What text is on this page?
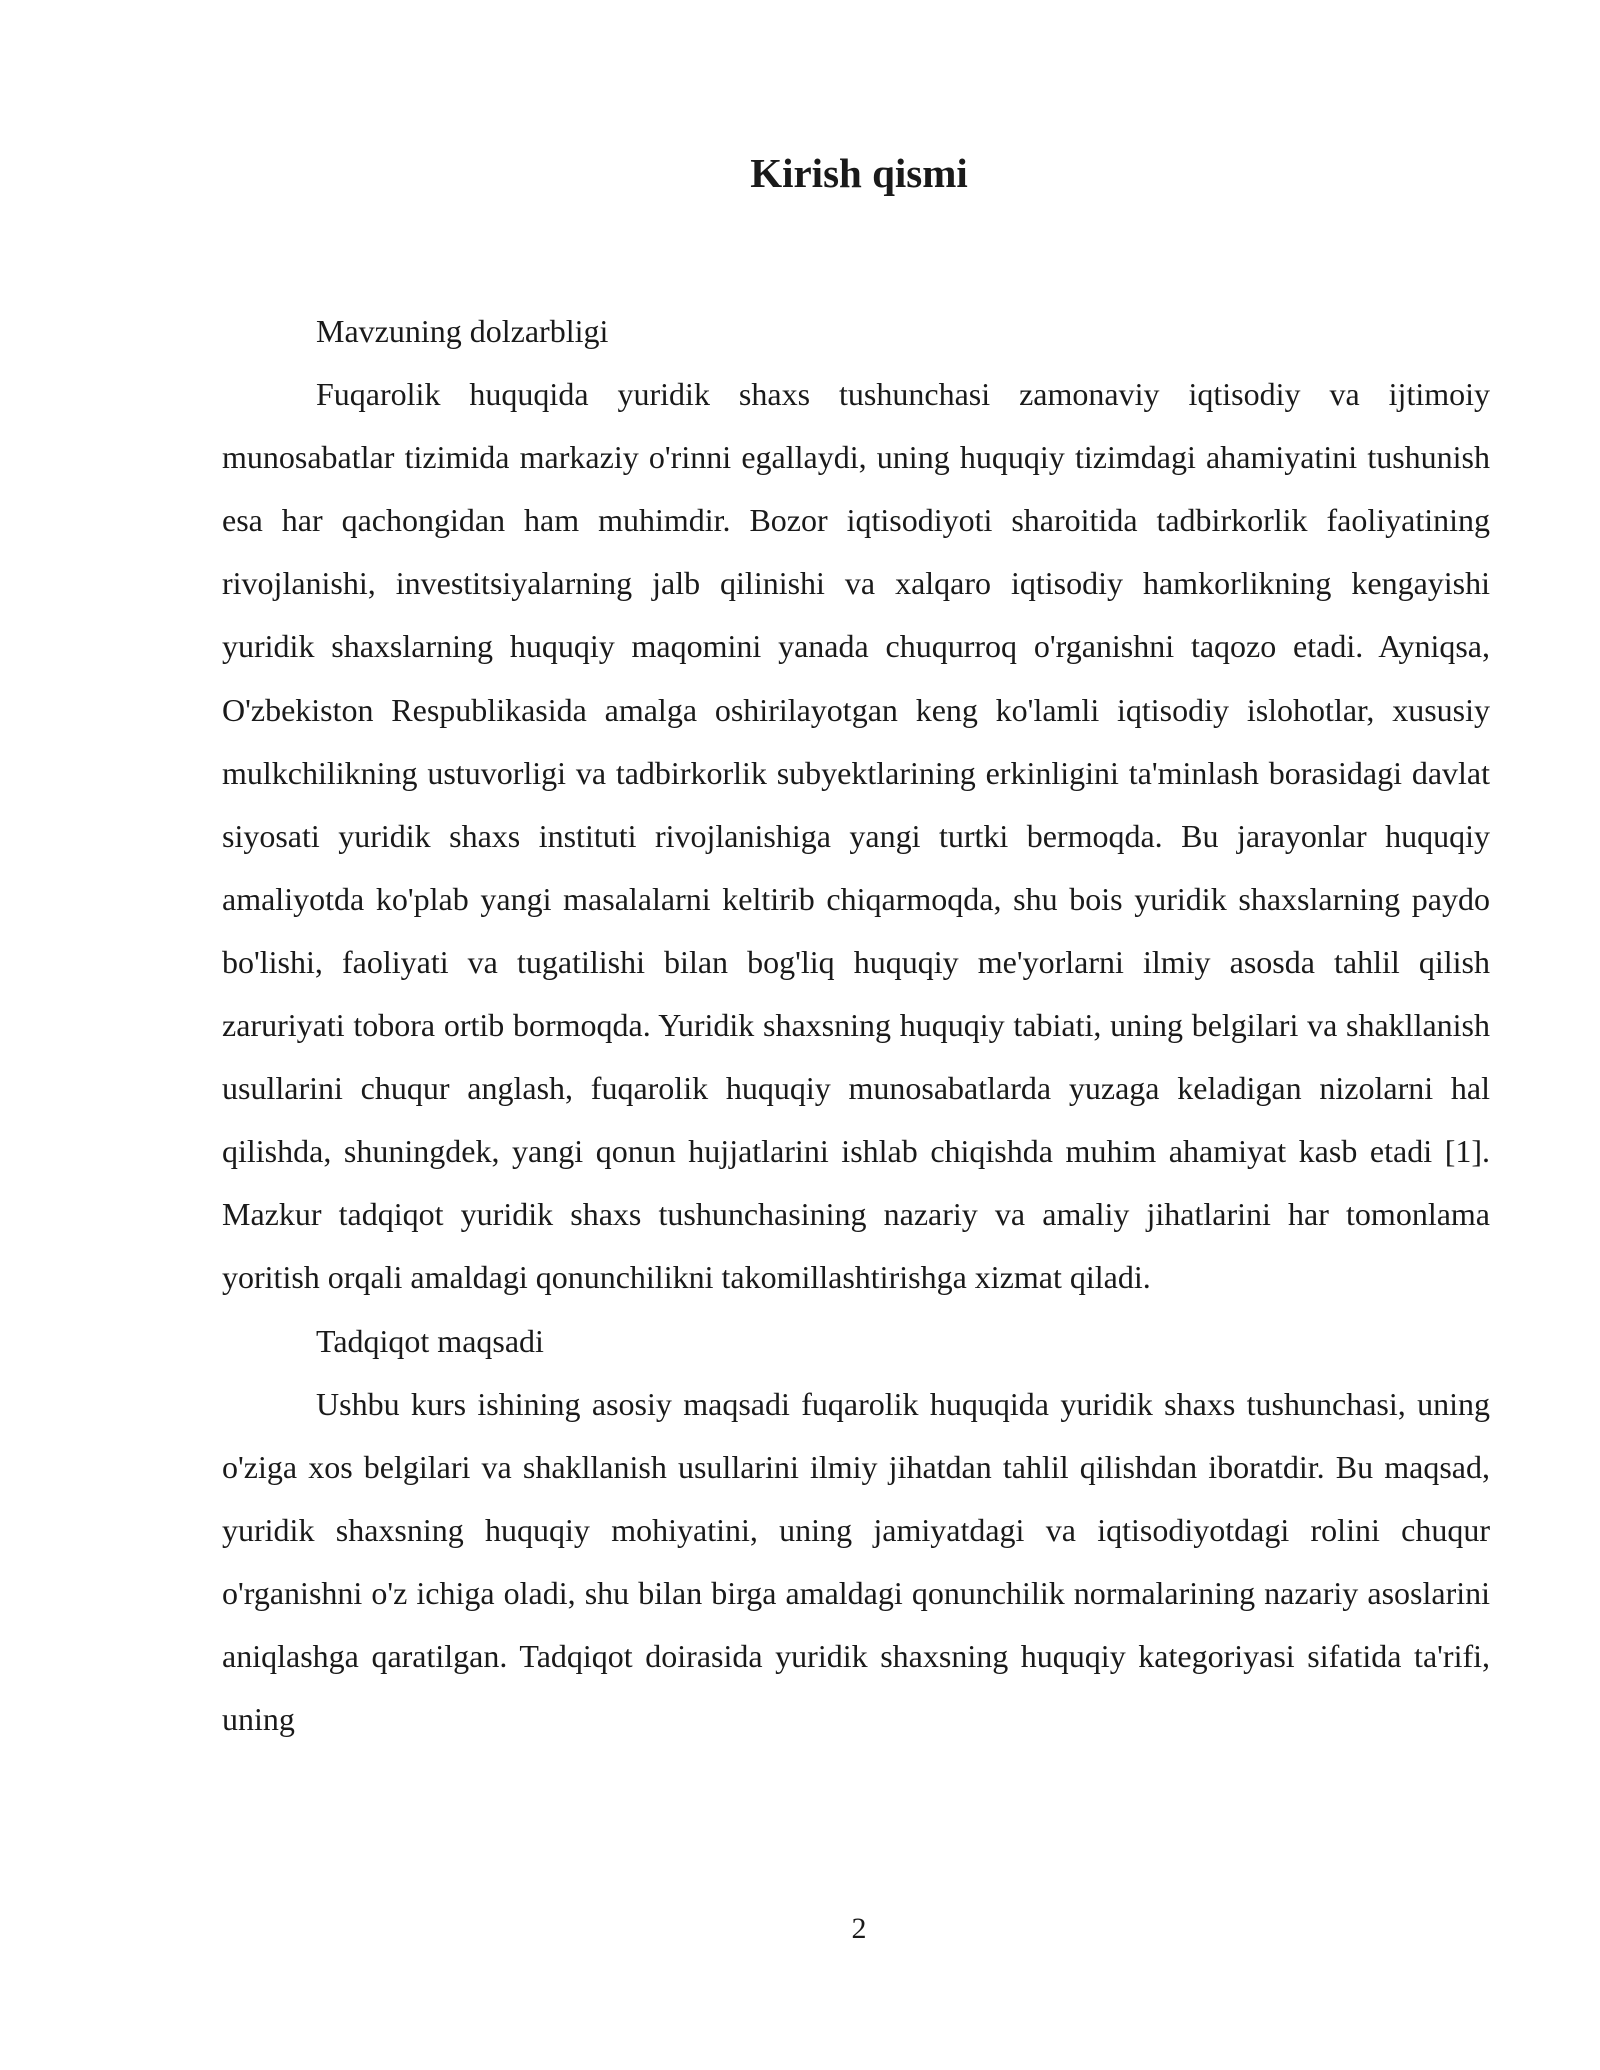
Kirish qismi

Mavzuning dolzarbligi

Fuqarolik huquqida yuridik shaxs tushunchasi zamonaviy iqtisodiy va ijtimoiy munosabatlar tizimida markaziy o'rinni egallaydi, uning huquqiy tizimdagi ahamiyatini tushunish esa har qachongidan ham muhimdir. Bozor iqtisodiyoti sharoitida tadbirkorlik faoliyatining rivojlanishi, investitsiyalarning jalb qilinishi va xalqaro iqtisodiy hamkorlikning kengayishi yuridik shaxslarning huquqiy maqomini yanada chuqurroq o'rganishni taqozo etadi. Ayniqsa, O'zbekiston Respublikasida amalga oshirilayotgan keng ko'lamli iqtisodiy islohotlar, xususiy mulkchilikning ustuvorligi va tadbirkorlik subyektlarining erkinligini ta'minlash borasidagi davlat siyosati yuridik shaxs instituti rivojlanishiga yangi turtki bermoqda. Bu jarayonlar huquqiy amaliyotda ko'plab yangi masalalarni keltirib chiqarmoqda, shu bois yuridik shaxslarning paydo bo'lishi, faoliyati va tugatilishi bilan bog'liq huquqiy me'yorlarni ilmiy asosda tahlil qilish zaruriyati tobora ortib bormoqda. Yuridik shaxsning huquqiy tabiati, uning belgilari va shakllanish usullarini chuqur anglash, fuqarolik huquqiy munosabatlarda yuzaga keladigan nizolarni hal qilishda, shuningdek, yangi qonun hujjatlarini ishlab chiqishda muhim ahamiyat kasb etadi [1]. Mazkur tadqiqot yuridik shaxs tushunchasining nazariy va amaliy jihatlarini har tomonlama yoritish orqali amaldagi qonunchilikni takomillashtirishga xizmat qiladi.

Tadqiqot maqsadi

Ushbu kurs ishining asosiy maqsadi fuqarolik huquqida yuridik shaxs tushunchasi, uning o'ziga xos belgilari va shakllanish usullarini ilmiy jihatdan tahlil qilishdan iboratdir. Bu maqsad, yuridik shaxsning huquqiy mohiyatini, uning jamiyatdagi va iqtisodiyotdagi rolini chuqur o'rganishni o'z ichiga oladi, shu bilan birga amaldagi qonunchilik normalarining nazariy asoslarini aniqlashga qaratilgan. Tadqiqot doirasida yuridik shaxsning huquqiy kategoriyasi sifatida ta'rifi, uning

2
